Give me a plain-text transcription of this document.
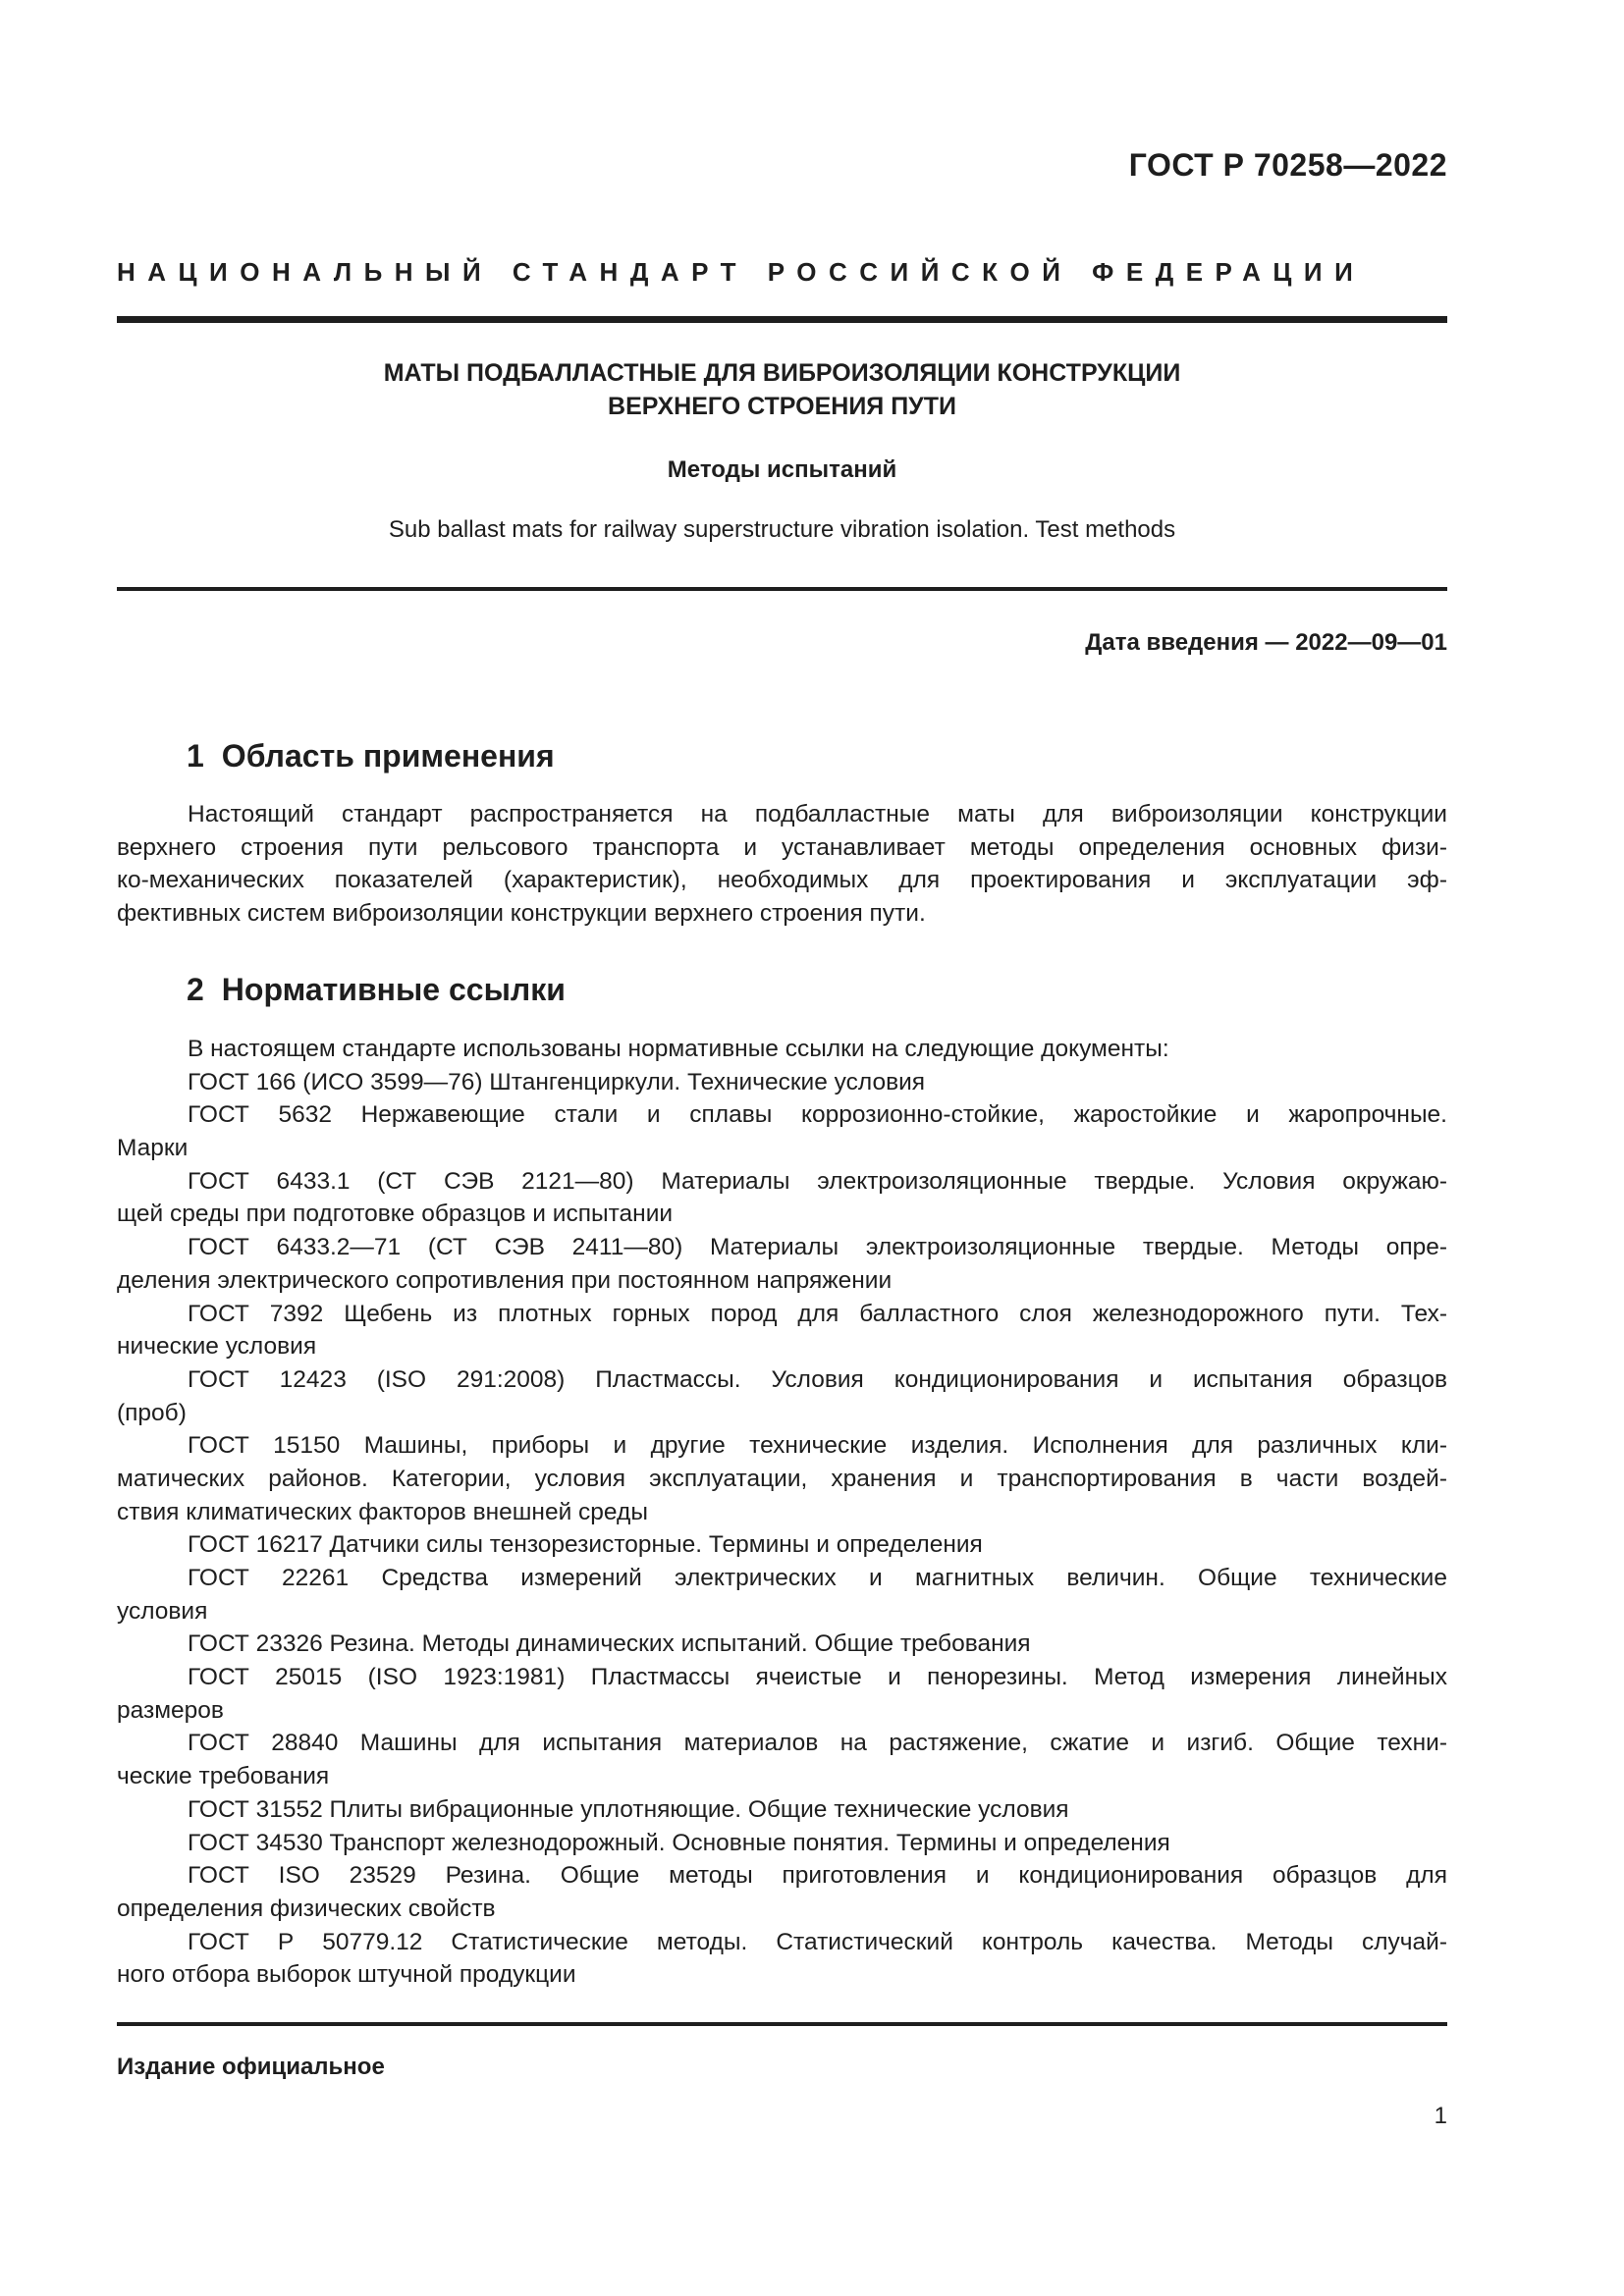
ГОСТ Р 70258—2022
НАЦИОНАЛЬНЫЙ СТАНДАРТ РОССИЙСКОЙ ФЕДЕРАЦИИ
МАТЫ ПОДБАЛЛАСТНЫЕ ДЛЯ ВИБРОИЗОЛЯЦИИ КОНСТРУКЦИИ
ВЕРХНЕГО СТРОЕНИЯ ПУТИ
Методы испытаний
Sub ballast mats for railway superstructure vibration isolation. Test methods
Дата введения — 2022—09—01
1 Область применения
Настоящий стандарт распространяется на подбалластные маты для виброизоляции конструкции
верхнего строения пути рельсового транспорта и устанавливает методы определения основных физи-
ко-механических показателей (характеристик), необходимых для проектирования и эксплуатации эф-
фективных систем виброизоляции конструкции верхнего строения пути.
2 Нормативные ссылки
В настоящем стандарте использованы нормативные ссылки на следующие документы:
ГОСТ 166 (ИСО 3599—76) Штангенциркули. Технические условия
ГОСТ 5632 Нержавеющие стали и сплавы коррозионно-стойкие, жаростойкие и жаропрочные.
Марки
ГОСТ 6433.1 (СТ СЭВ 2121—80) Материалы электроизоляционные твердые. Условия окружаю-
щей среды при подготовке образцов и испытании
ГОСТ 6433.2—71 (СТ СЭВ 2411—80) Материалы электроизоляционные твердые. Методы опре-
деления электрического сопротивления при постоянном напряжении
ГОСТ 7392 Щебень из плотных горных пород для балластного слоя железнодорожного пути. Тех-
нические условия
ГОСТ 12423 (ISO 291:2008) Пластмассы. Условия кондиционирования и испытания образцов
(проб)
ГОСТ 15150 Машины, приборы и другие технические изделия. Исполнения для различных кли-
матических районов. Категории, условия эксплуатации, хранения и транспортирования в части воздей-
ствия климатических факторов внешней среды
ГОСТ 16217 Датчики силы тензорезисторные. Термины и определения
ГОСТ 22261 Средства измерений электрических и магнитных величин. Общие технические
условия
ГОСТ 23326 Резина. Методы динамических испытаний. Общие требования
ГОСТ 25015 (ISO 1923:1981) Пластмассы ячеистые и пенорезины. Метод измерения линейных
размеров
ГОСТ 28840 Машины для испытания материалов на растяжение, сжатие и изгиб. Общие техни-
ческие требования
ГОСТ 31552 Плиты вибрационные уплотняющие. Общие технические условия
ГОСТ 34530 Транспорт железнодорожный. Основные понятия. Термины и определения
ГОСТ ISO 23529 Резина. Общие методы приготовления и кондиционирования образцов для
определения физических свойств
ГОСТ Р 50779.12 Статистические методы. Статистический контроль качества. Методы случай-
ного отбора выборок штучной продукции
Издание официальное
1
